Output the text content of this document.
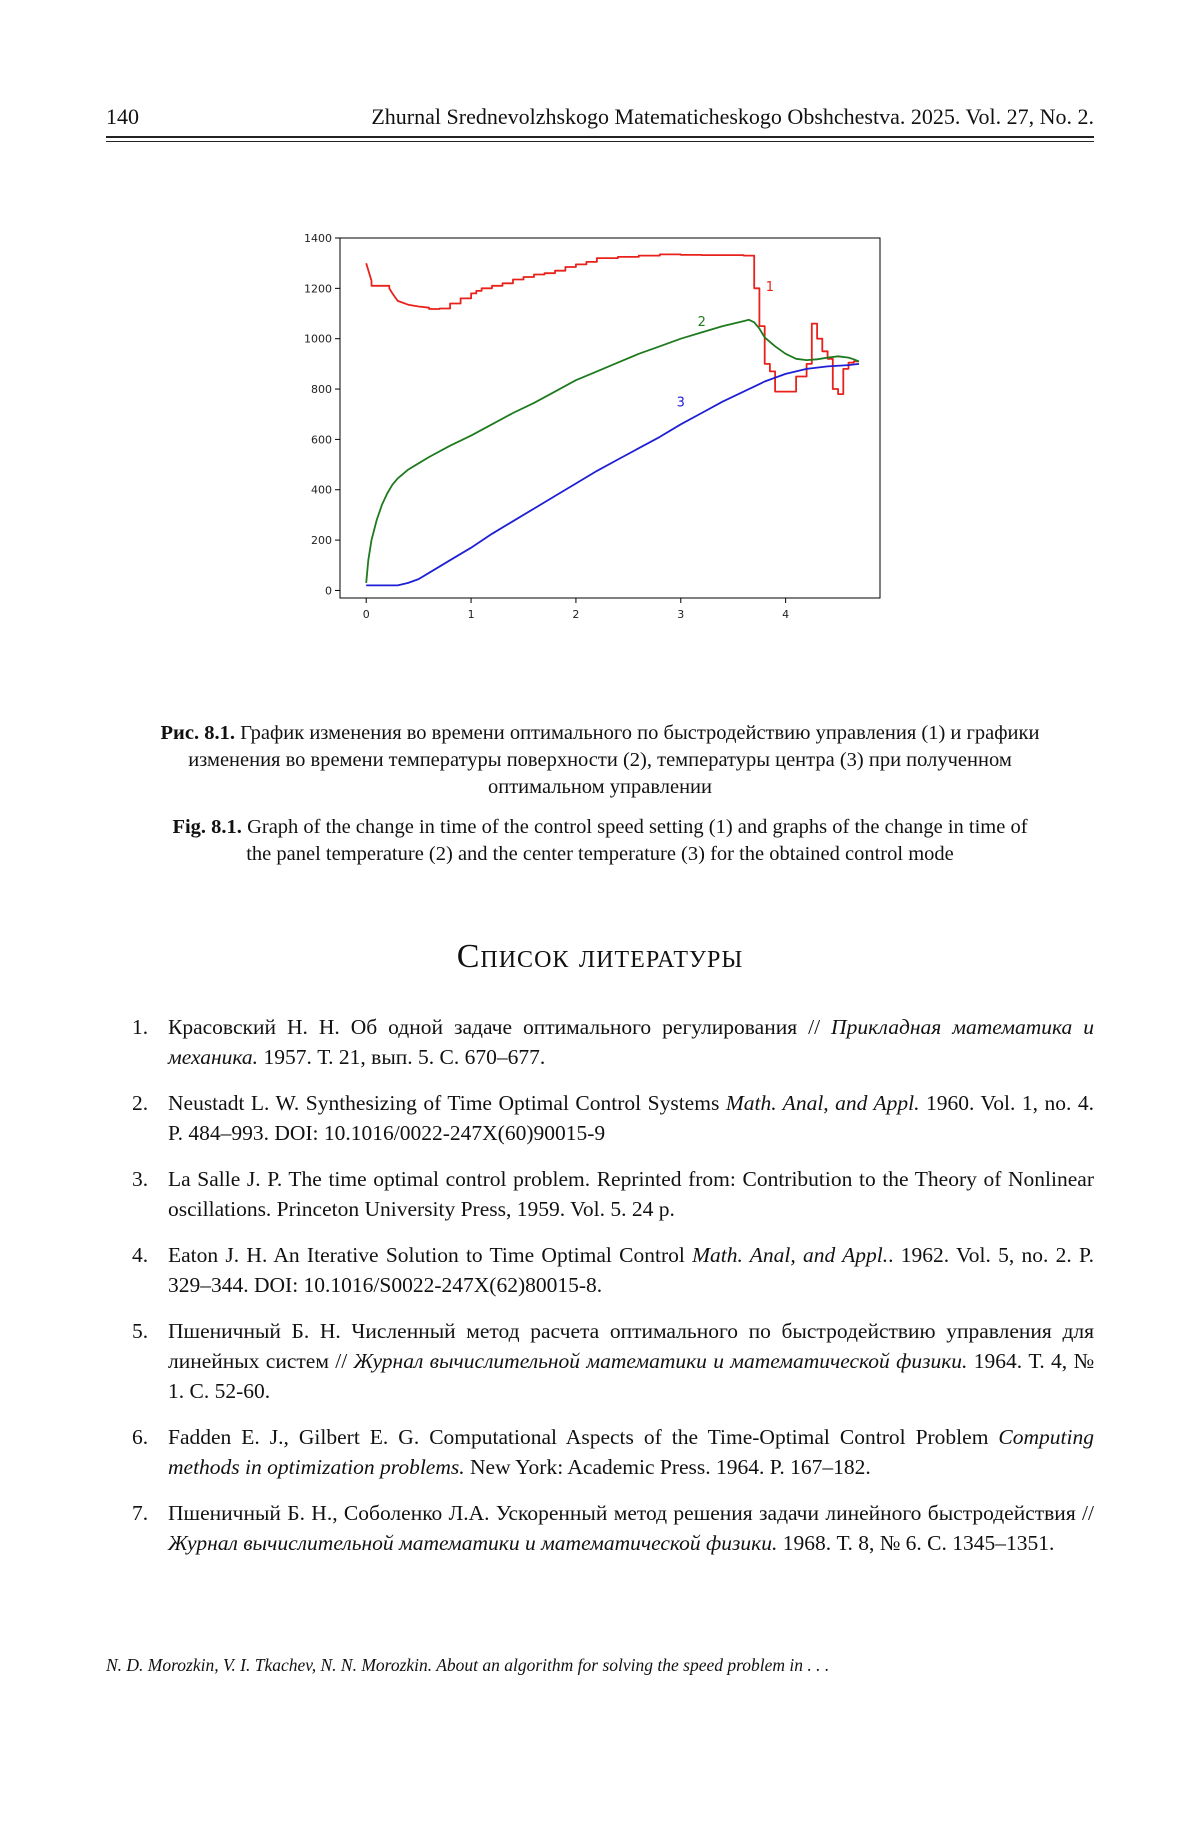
140	Zhurnal Srednevolzhskogo Matematicheskogo Obshchestva. 2025. Vol. 27, No. 2.
0	1	2	3	4
0
200
400
600
800
1000
1200
1400
1
2
3
Рис. 8.1. График изменения во времени оптимального по быстродействию управления (1) и графики изменения во времени температуры поверхности (2), температуры центра (3) при полученном оптимальном управлении
Fig. 8.1. Graph of the change in time of the control speed setting (1) and graphs of the change in time of the panel temperature (2) and the center temperature (3) for the obtained control mode
Список литературы
1. Красовский Н. Н. Об одной задаче оптимального регулирования // Прикладная математика и механика. 1957. Т. 21, вып. 5. С. 670–677.
2. Neustadt L. W. Synthesizing of Time Optimal Control Systems Math. Anal, and Appl. 1960. Vol. 1, no. 4. P. 484–993. DOI: 10.1016/0022-247X(60)90015-9
3. La Salle J. P. The time optimal control problem. Reprinted from: Contribution to the Theory of Nonlinear oscillations. Princeton University Press, 1959. Vol. 5. 24 p.
4. Eaton J. H. An Iterative Solution to Time Optimal Control Math. Anal, and Appl.. 1962. Vol. 5, no. 2. P. 329–344. DOI: 10.1016/S0022-247X(62)80015-8.
5. Пшеничный Б. Н. Численный метод расчета оптимального по быстродействию управления для линейных систем // Журнал вычислительной математики и математической физики. 1964. Т. 4, № 1. С. 52-60.
6. Fadden E. J., Gilbert E. G. Computational Aspects of the Time-Optimal Control Problem Computing methods in optimization problems. New York: Academic Press. 1964. P. 167–182.
7. Пшеничный Б. Н., Соболенко Л.А. Ускоренный метод решения задачи линейного быстродействия // Журнал вычислительной математики и математической физики. 1968. Т. 8, № 6. С. 1345–1351.
N. D. Morozkin, V. I. Tkachev, N. N. Morozkin. About an algorithm for solving the speed problem in . . .
